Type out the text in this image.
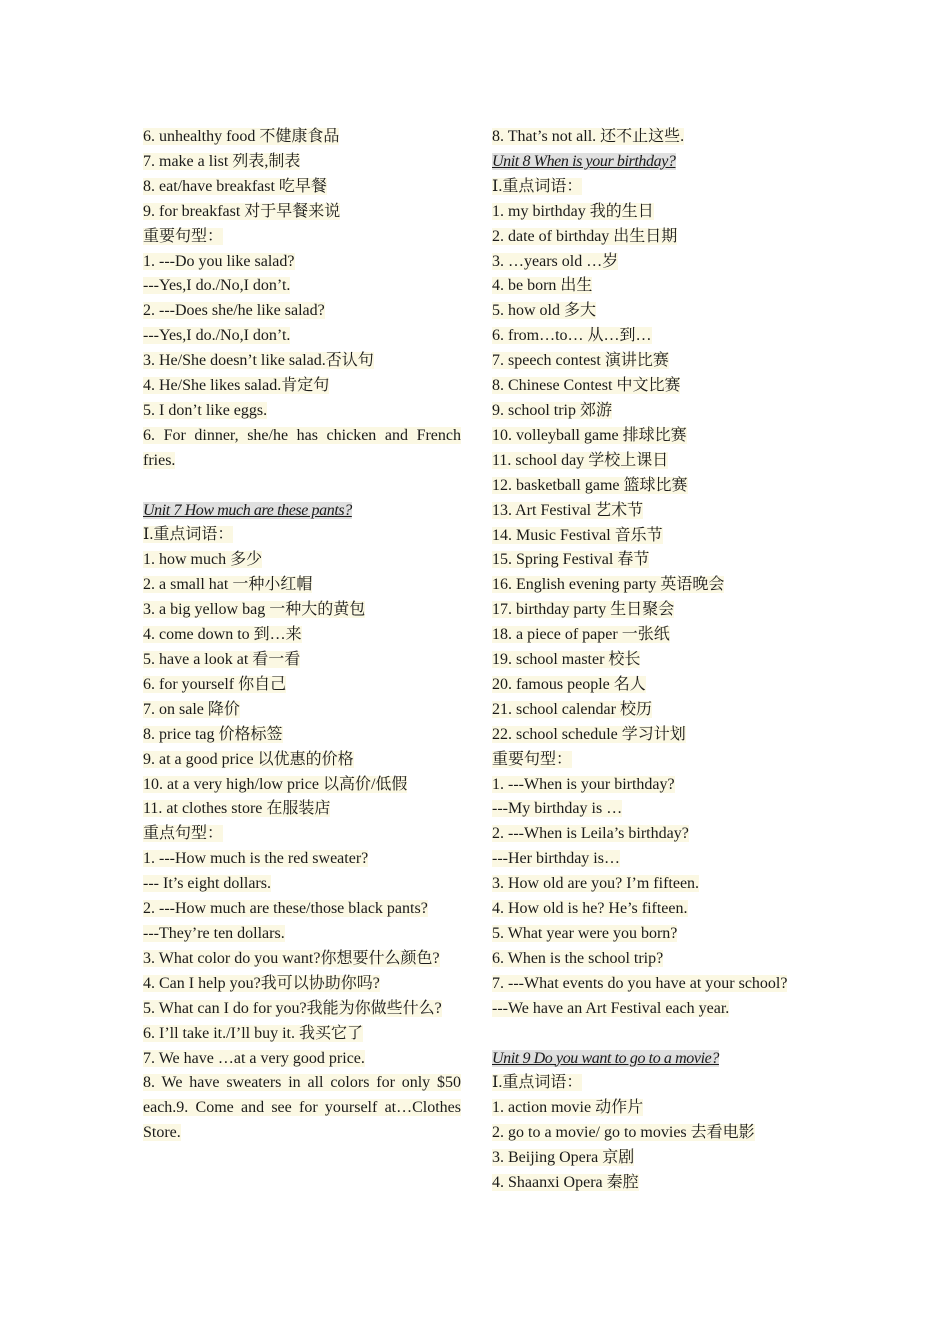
6. unhealthy food 不健康食品
7. make a list 列表,制表
8. eat/have breakfast 吃早餐
9. for breakfast 对于早餐来说
重要句型：
1. ---Do you like salad?
---Yes,I do./No,I don’t.
2. ---Does she/he like salad?
---Yes,I do./No,I don’t.
3. He/She doesn’t like salad.否认句
4. He/She likes salad.肯定句
5. I don’t like eggs.
6. For dinner, she/he has chicken and French fries.
Unit 7 How much are these pants?
Ⅰ.重点词语：
1. how much 多少
2. a small hat 一种小红帽
3. a big yellow bag 一种大的黄包
4. come down to 到…来
5. have a look at 看一看
6. for yourself 你自己
7. on sale 降价
8. price tag 价格标签
9. at a good price 以优惠的价格
10. at a very high/low price 以高价/低假
11. at clothes store 在服装店
重点句型：
1. ---How much is the red sweater?
--- It’s eight dollars.
2. ---How much are these/those black pants?
---They’re ten dollars.
3. What color do you want?你想要什么颜色?
4. Can I help you?我可以协助你吗?
5. What can I do for you?我能为你做些什么?
6. I’ll take it./I’ll buy it. 我买它了
7. We have …at a very good price.
8. We have sweaters in all colors for only $50 each.9. Come and see for yourself at…Clothes Store.
8. That’s not all. 还不止这些.
Unit 8 When is your birthday?
Ⅰ.重点词语：
1. my birthday 我的生日
2. date of birthday 出生日期
3. …years old …岁
4. be born 出生
5. how old 多大
6. from…to… 从…到…
7. speech contest 演讲比赛
8. Chinese Contest 中文比赛
9. school trip 郊游
10. volleyball game 排球比赛
11. school day 学校上课日
12. basketball game 篮球比赛
13. Art Festival 艺术节
14. Music Festival 音乐节
15. Spring Festival 春节
16. English evening party 英语晚会
17. birthday party 生日聚会
18. a piece of paper 一张纸
19. school master 校长
20. famous people 名人
21. school calendar 校历
22. school schedule 学习计划
重要句型：
1. ---When is your birthday?
---My birthday is …
2. ---When is Leila’s birthday?
---Her birthday is…
3. How old are you? I’m fifteen.
4. How old is he? He’s fifteen.
5. What year were you born?
6. When is the school trip?
7. ---What events do you have at your school?
---We have an Art Festival each year.
Unit 9 Do you want to go to a movie?
Ⅰ.重点词语：
1. action movie 动作片
2. go to a movie/ go to movies 去看电影
3. Beijing Opera 京剧
4. Shaanxi Opera 秦腔
